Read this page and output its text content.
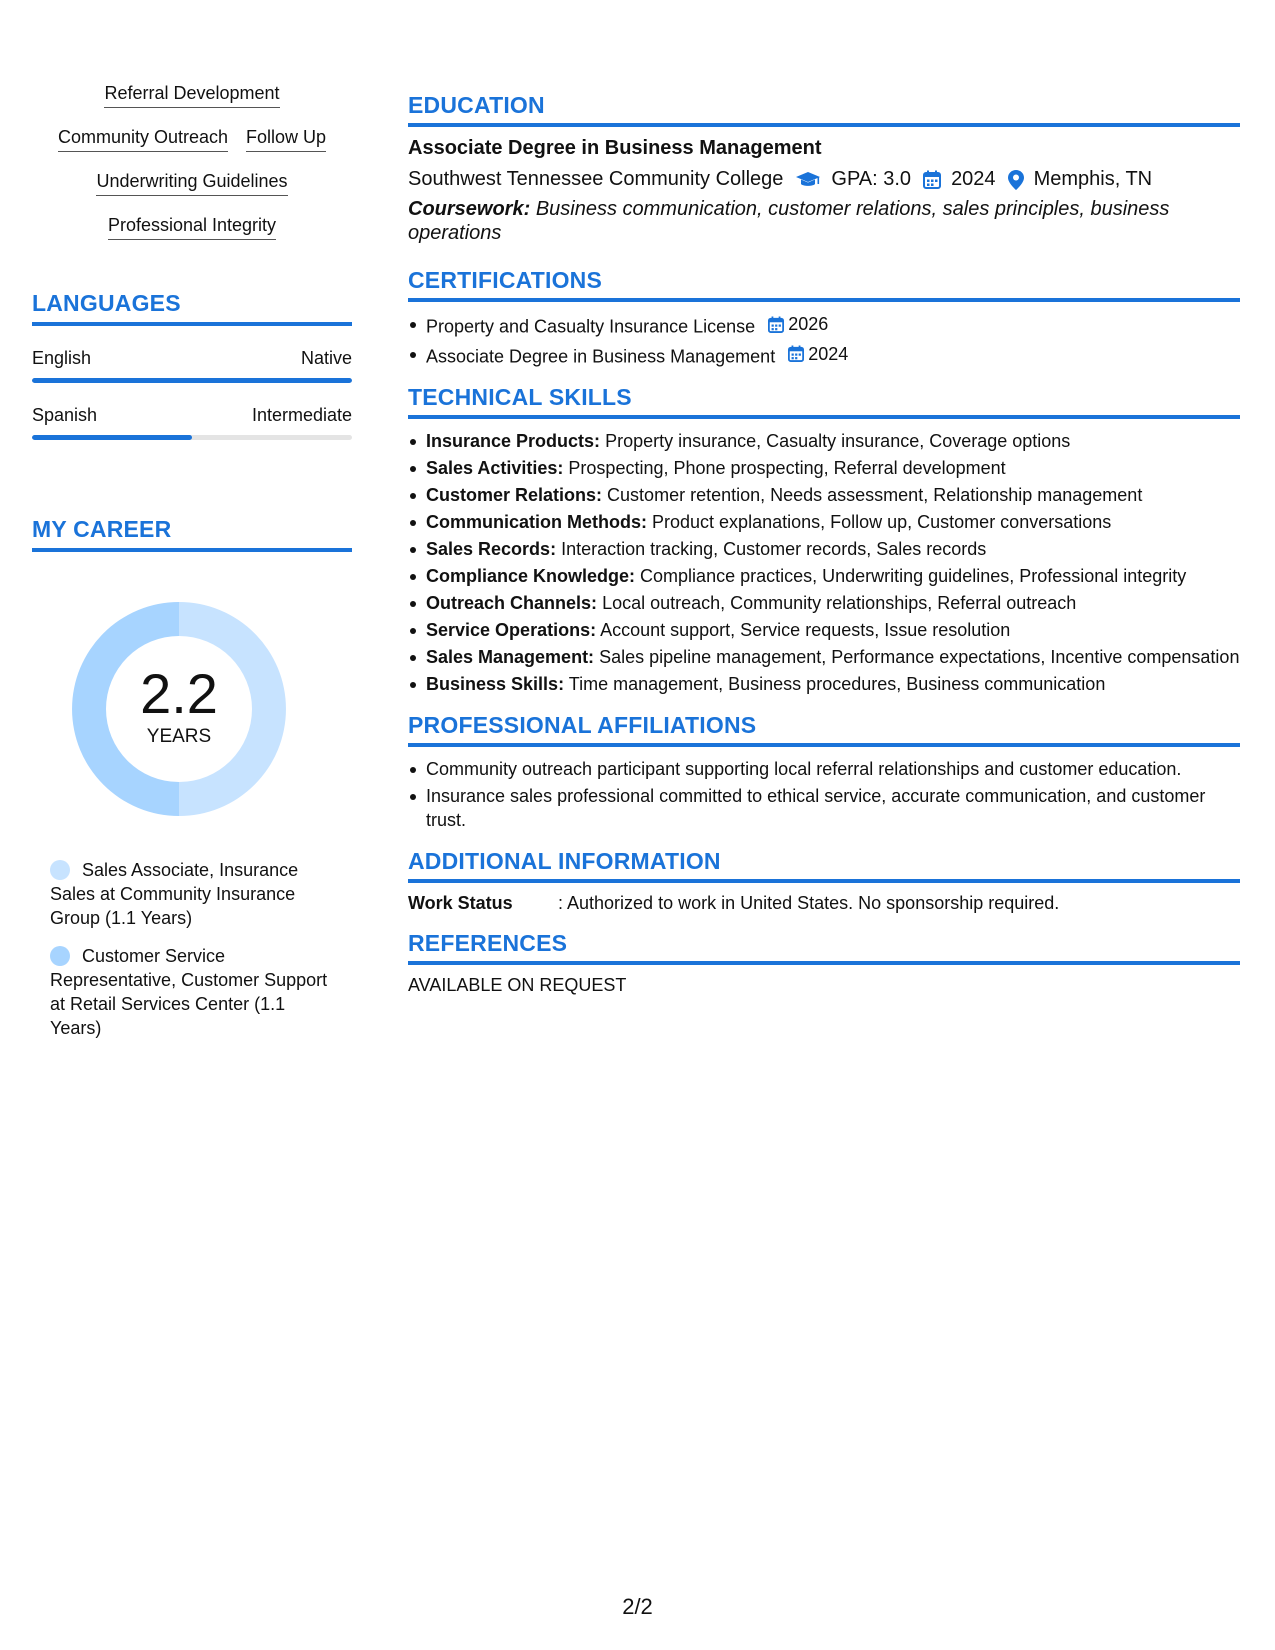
Referral Development
Community Outreach Follow Up
Underwriting Guidelines
Professional Integrity
LANGUAGES
English	Native
Spanish	Intermediate
MY CAREER
2.2
YEARS
Sales Associate, Insurance Sales at Community Insurance Group (1.1 Years)
Customer Service Representative, Customer Support at Retail Services Center (1.1 Years)
EDUCATION
Associate Degree in Business Management
Southwest Tennessee Community College GPA: 3.0 2024 Memphis, TN
Coursework: Business communication, customer relations, sales principles, business operations
CERTIFICATIONS
Property and Casualty Insurance License 2026
Associate Degree in Business Management 2024
TECHNICAL SKILLS
Insurance Products: Property insurance, Casualty insurance, Coverage options
Sales Activities: Prospecting, Phone prospecting, Referral development
Customer Relations: Customer retention, Needs assessment, Relationship management
Communication Methods: Product explanations, Follow up, Customer conversations
Sales Records: Interaction tracking, Customer records, Sales records
Compliance Knowledge: Compliance practices, Underwriting guidelines, Professional integrity
Outreach Channels: Local outreach, Community relationships, Referral outreach
Service Operations: Account support, Service requests, Issue resolution
Sales Management: Sales pipeline management, Performance expectations, Incentive compensation
Business Skills: Time management, Business procedures, Business communication
PROFESSIONAL AFFILIATIONS
Community outreach participant supporting local referral relationships and customer education.
Insurance sales professional committed to ethical service, accurate communication, and customer trust.
ADDITIONAL INFORMATION
Work Status	: Authorized to work in United States. No sponsorship required.
REFERENCES
AVAILABLE ON REQUEST
2/2
